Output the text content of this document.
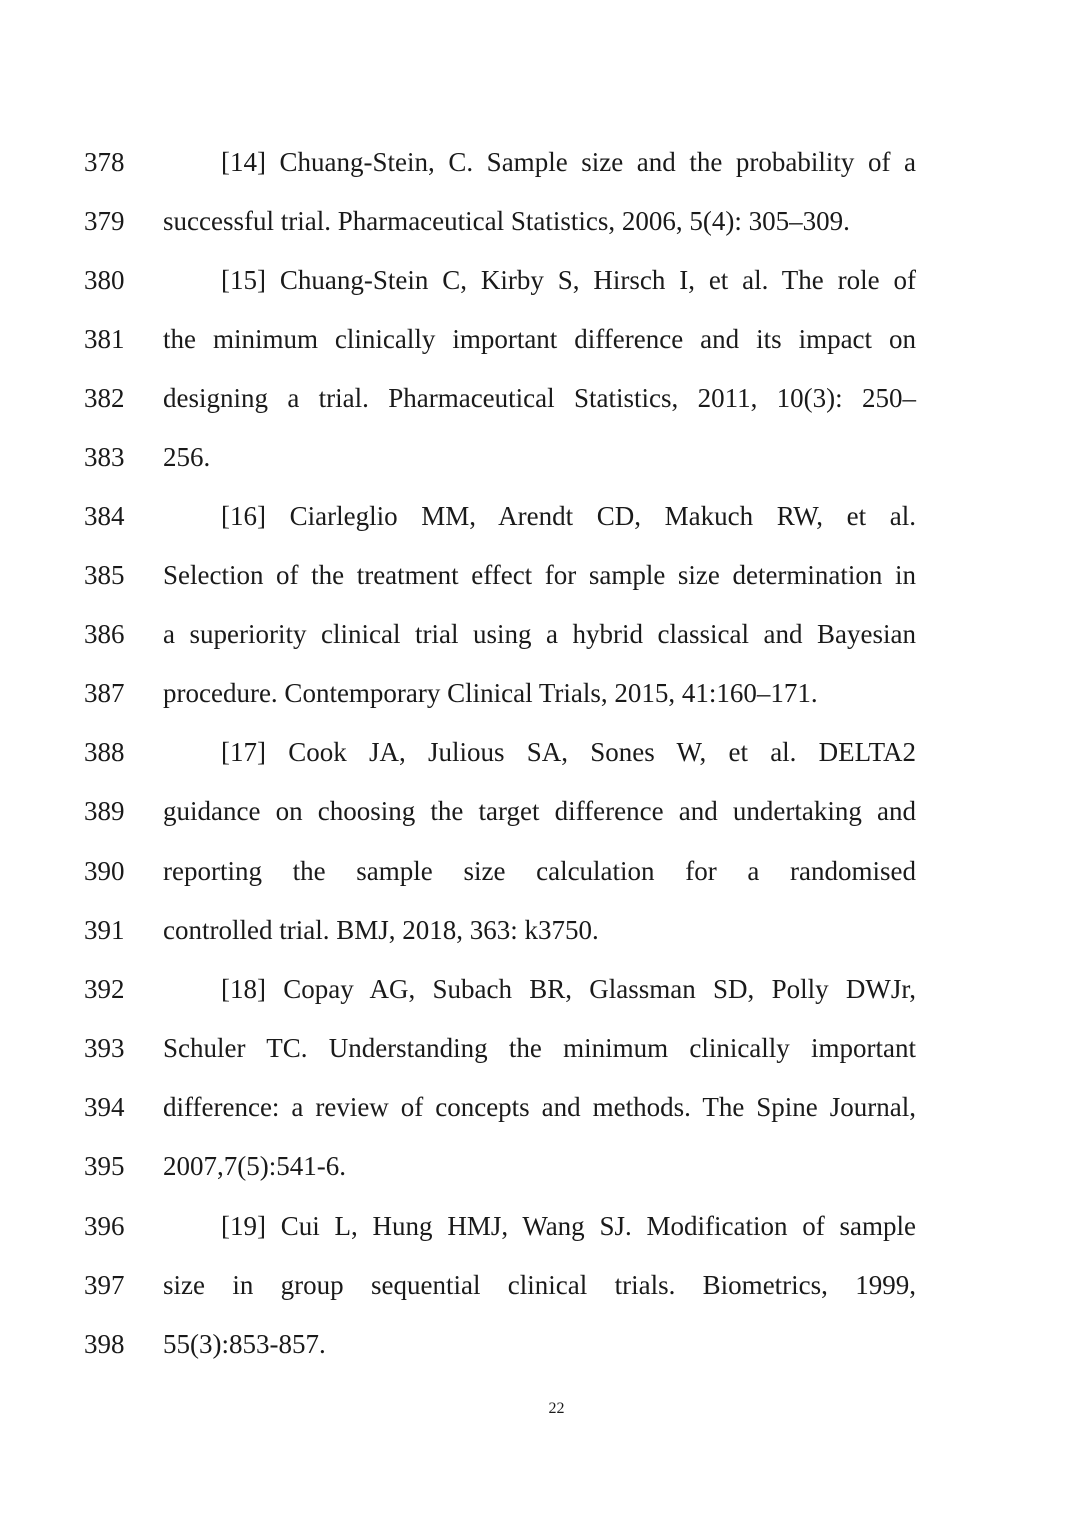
378	[14] Chuang-Stein, C. Sample size and the probability of a
379 successful trial. Pharmaceutical Statistics, 2006, 5(4): 305–309.
380	[15] Chuang-Stein C, Kirby S, Hirsch I, et al. The role of
381 the minimum clinically important difference and its impact on
382 designing a trial. Pharmaceutical Statistics, 2011, 10(3): 250–
383 256.
384	[16] Ciarleglio MM, Arendt CD, Makuch RW, et al.
385 Selection of the treatment effect for sample size determination in
386 a superiority clinical trial using a hybrid classical and Bayesian
387 procedure. Contemporary Clinical Trials, 2015, 41:160–171.
388	[17] Cook JA, Julious SA, Sones W, et al. DELTA2
389 guidance on choosing the target difference and undertaking and
390 reporting the sample size calculation for a randomised
391 controlled trial. BMJ, 2018, 363: k3750.
392	[18] Copay AG, Subach BR, Glassman SD, Polly DWJr,
393 Schuler TC. Understanding the minimum clinically important
394 difference: a review of concepts and methods. The Spine Journal,
395 2007,7(5):541-6.
396	[19] Cui L, Hung HMJ, Wang SJ. Modification of sample
397 size in group sequential clinical trials. Biometrics, 1999,
398 55(3):853-857.
22
